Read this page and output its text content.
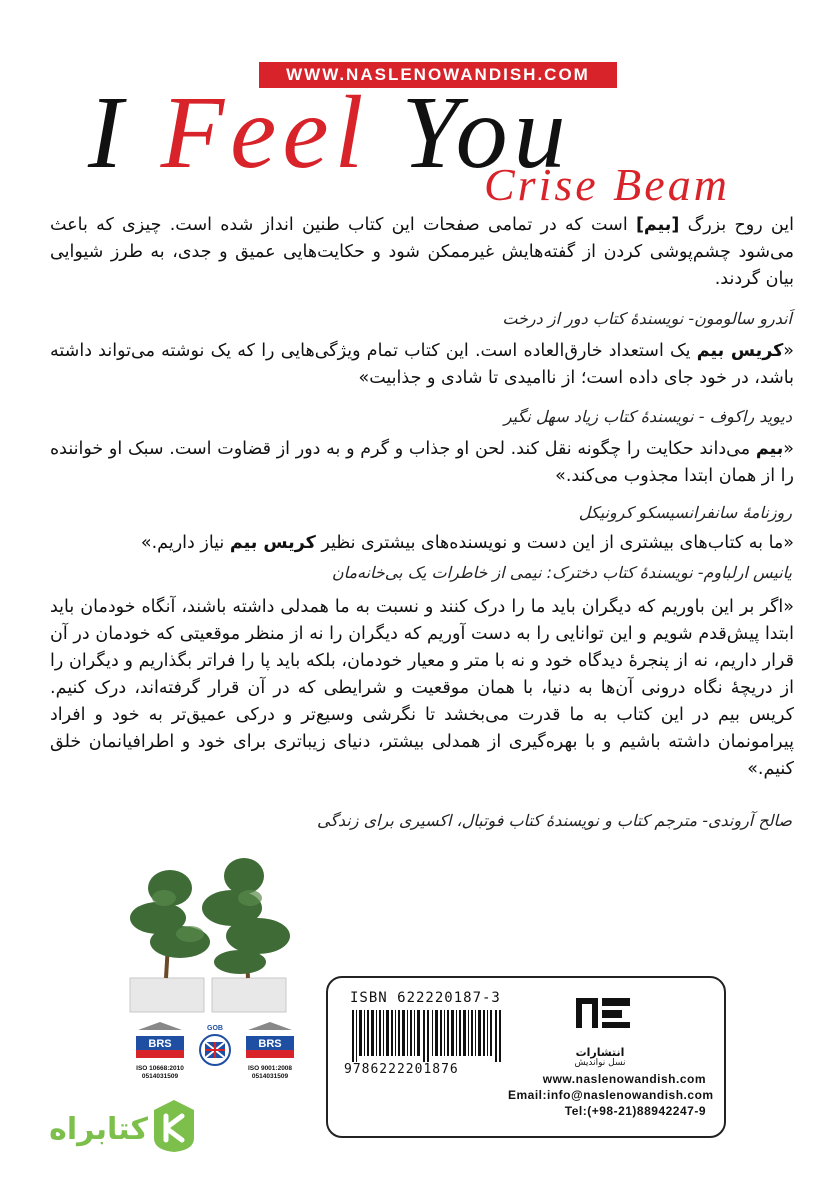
WWW.NASLENOWANDISH.COM
I Feel You
Crise Beam
این روح بزرگ [بیم] است که در تمامی صفحات این کتاب طنین انداز شده است. چیزی که باعث می‌شود چشم‌پوشی کردن از گفته‌هایش غیرممکن شود و حکایت‌هایی عمیق و جدی، به طرز شیوایی بیان گردند.
اَندرو سالومون- نویسندهٔ کتاب دور از درخت
«کریس بیم یک استعداد خارق‌العاده است. این کتاب تمام ویژگی‌هایی را که یک نوشته می‌تواند داشته باشد، در خود جای داده است؛ از ناامیدی تا شادی و جذابیت»
دیوید راکوف - نویسندهٔ کتاب زیاد سهل نگیر
«بیم می‌داند حکایت را چگونه نقل کند. لحن او جذاب و گرم و به دور از قضاوت است. سبک او خواننده را از همان ابتدا مجذوب می‌کند.»
روزنامهٔ سانفرانسیسکو کرونیکل
«ما به کتاب‌های بیشتری از این دست و نویسنده‌های بیشتری نظیر کریس بیم نیاز داریم.»
یانیس ارلباوم- نویسندهٔ کتاب دخترک: نیمی از خاطرات یک بی‌خانه‌مان
«اگر بر این باوریم که دیگران باید ما را درک کنند و نسبت به ما همدلی داشته باشند، آنگاه خودمان باید ابتدا پیش‌قدم شویم و این توانایی را به دست آوریم که دیگران را نه از منظر موقعیتی که خودمان در آن قرار داریم، نه از پنجرهٔ دیدگاه خود و نه با متر و معیار خودمان، بلکه باید پا را فراتر بگذاریم و دیگران را از دریچهٔ نگاه درونی آن‌ها به دنیا، با همان موقعیت و شرایطی که در آن قرار گرفته‌اند، درک کنیم. کریس بیم در این کتاب به ما قدرت می‌بخشد تا نگرشی وسیع‌تر و درکی عمیق‌تر به خود و افراد پیرامونمان داشته باشیم و با بهره‌گیری از همدلی بیشتر، دنیای زیباتری برای خود و اطرافیانمان خلق کنیم.»
صالح آروندی- مترجم کتاب و نویسندهٔ کتاب فوتبال، اکسیری برای زندگی
BRS
ISO 10668:2010
0514031509
GOB
BRS
ISO 9001:2008
0514031509
ISBN 622220187-3
9786222201876
انتشارات
نسل نواندیش
www.naslenowandish.com
Email:info@naslenowandish.com
Tel:(+98-21)88942247-9
کتابراه
